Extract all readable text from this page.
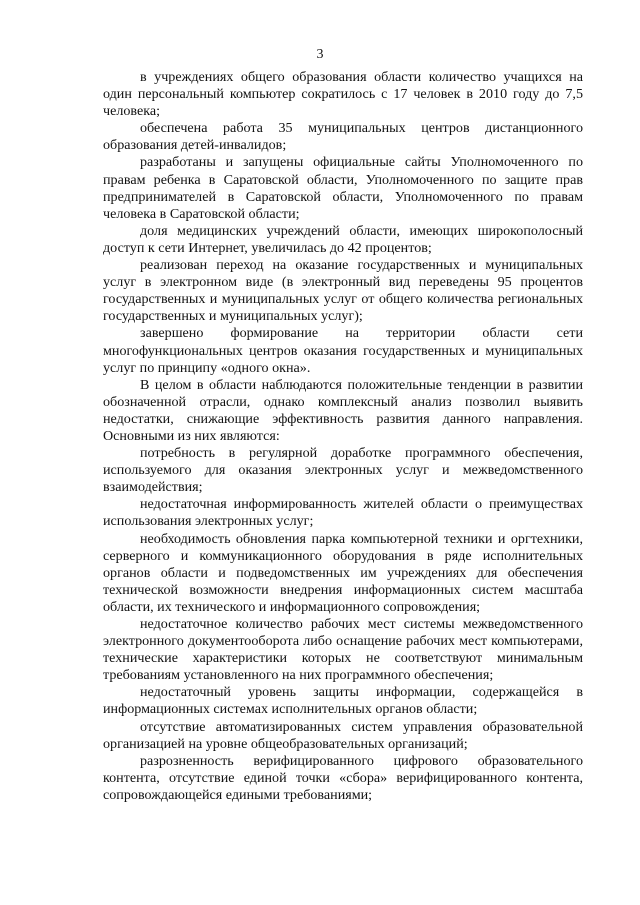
3

в учреждениях общего образования области количество учащихся на один персональный компьютер сократилось с 17 человек в 2010 году до 7,5 человека;

обеспечена работа 35 муниципальных центров дистанционного образования детей-инвалидов;

разработаны и запущены официальные сайты Уполномоченного по правам ребенка в Саратовской области, Уполномоченного по защите прав предпринимателей в Саратовской области, Уполномоченного по правам человека в Саратовской области;

доля медицинских учреждений области, имеющих широкополосный доступ к сети Интернет, увеличилась до 42 процентов;

реализован переход на оказание государственных и муниципальных услуг в электронном виде (в электронный вид переведены 95 процентов государственных и муниципальных услуг от общего количества региональных государственных и муниципальных услуг);

завершено формирование на территории области сети многофункциональных центров оказания государственных и муниципальных услуг по принципу «одного окна».

В целом в области наблюдаются положительные тенденции в развитии обозначенной отрасли, однако комплексный анализ позволил выявить недостатки, снижающие эффективность развития данного направления. Основными из них являются:

потребность в регулярной доработке программного обеспечения, используемого для оказания электронных услуг и межведомственного взаимодействия;

недостаточная информированность жителей области о преимуществах использования электронных услуг;

необходимость обновления парка компьютерной техники и оргтехники, серверного и коммуникационного оборудования в ряде исполнительных органов области и подведомственных им учреждениях для обеспечения технической возможности внедрения информационных систем масштаба области, их технического и информационного сопровождения;

недостаточное количество рабочих мест системы межведомственного электронного документооборота либо оснащение рабочих мест компьютерами, технические характеристики которых не соответствуют минимальным требованиям установленного на них программного обеспечения;

недостаточный уровень защиты информации, содержащейся в информационных системах исполнительных органов области;

отсутствие автоматизированных систем управления образовательной организацией на уровне общеобразовательных организаций;

разрозненность верифицированного цифрового образовательного контента, отсутствие единой точки «сбора» верифицированного контента, сопровождающейся едиными требованиями;
